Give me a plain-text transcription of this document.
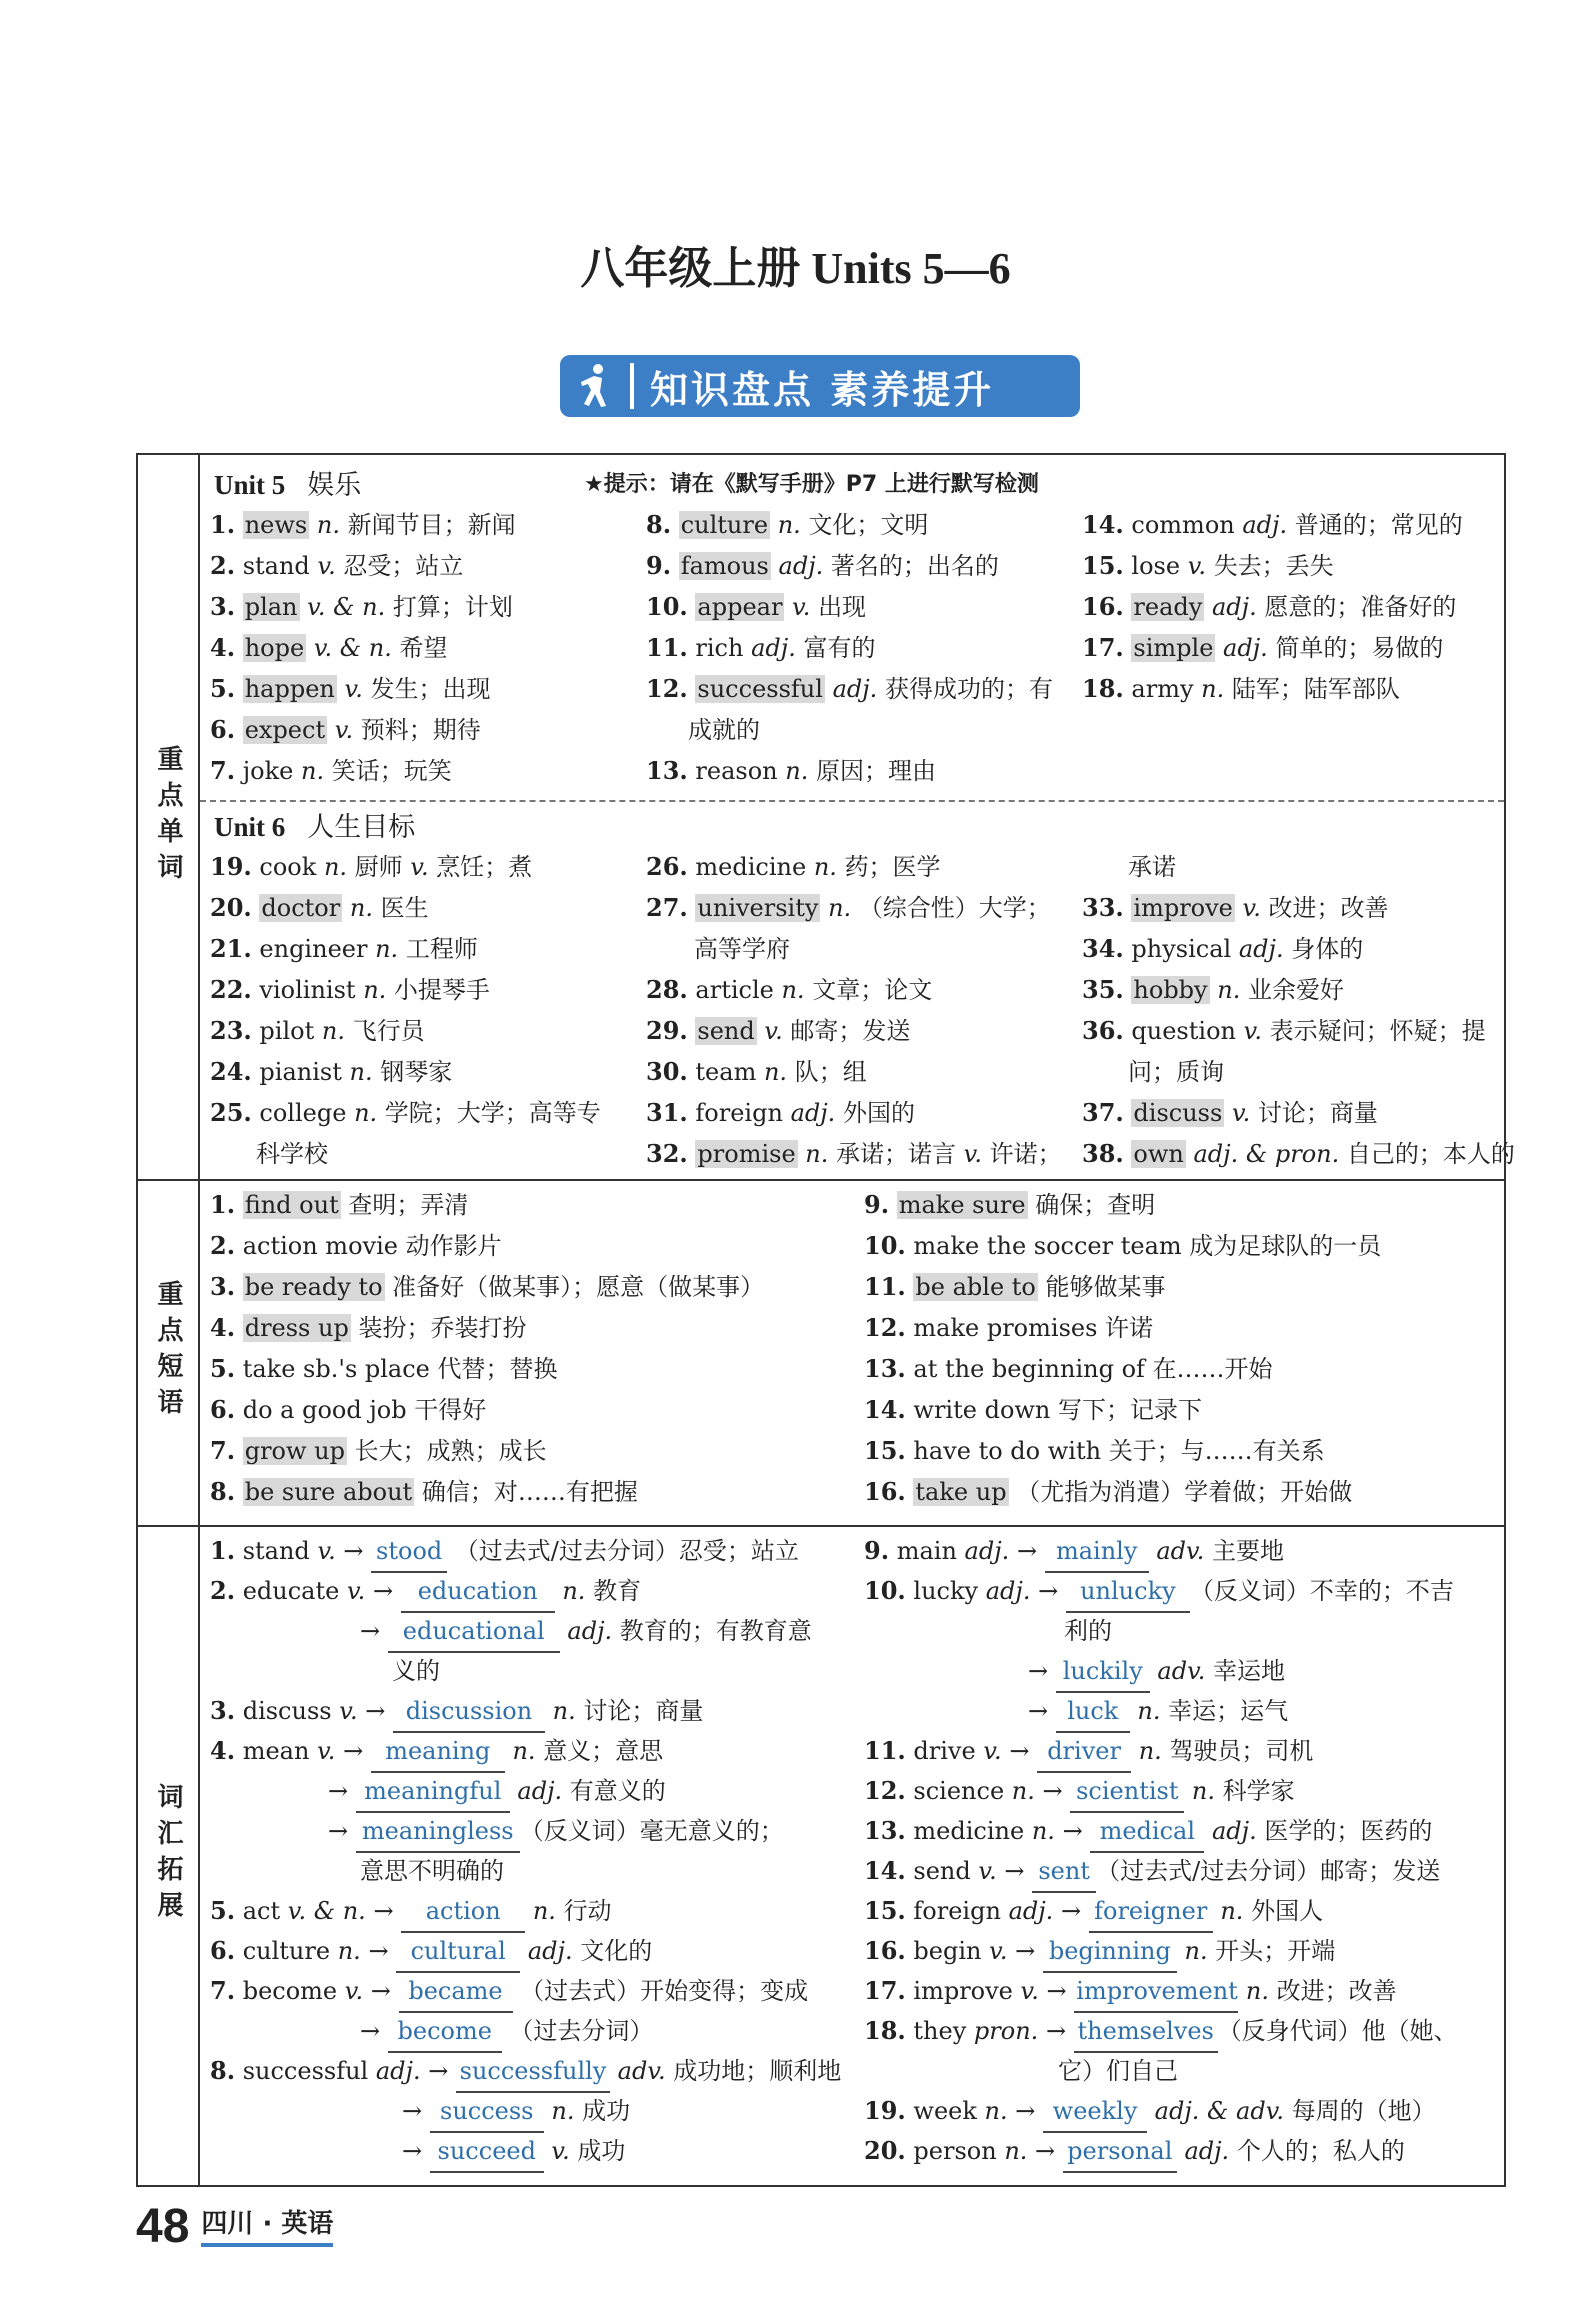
八年级上册 Units 5—6
知识盘点 素养提升
重点单词
重点短语
词汇拓展
Unit 5 娱乐	★提示：请在《默写手册》P7 上进行默写检测
1. news n. 新闻节目；新闻
2. stand v. 忍受；站立
3. plan v. & n. 打算；计划
4. hope v. & n. 希望
5. happen v. 发生；出现
6. expect v. 预料；期待
7. joke n. 笑话；玩笑
8. culture n. 文化；文明
9. famous adj. 著名的；出名的
10. appear v. 出现
11. rich adj. 富有的
12. successful adj. 获得成功的；有
成就的
13. reason n. 原因；理由
14. common adj. 普通的；常见的
15. lose v. 失去；丢失
16. ready adj. 愿意的；准备好的
17. simple adj. 简单的；易做的
18. army n. 陆军；陆军部队
Unit 6 人生目标
19. cook n. 厨师 v. 烹饪；煮
20. doctor n. 医生
21. engineer n. 工程师
22. violinist n. 小提琴手
23. pilot n. 飞行员
24. pianist n. 钢琴家
25. college n. 学院；大学；高等专
科学校
26. medicine n. 药；医学
27. university n. （综合性）大学；
高等学府
28. article n. 文章；论文
29. send v. 邮寄；发送
30. team n. 队；组
31. foreign adj. 外国的
32. promise n. 承诺；诺言 v. 许诺；
承诺
33. improve v. 改进；改善
34. physical adj. 身体的
35. hobby n. 业余爱好
36. question v. 表示疑问；怀疑；提
问；质询
37. discuss v. 讨论；商量
38. own adj. & pron. 自己的；本人的
1. find out 查明；弄清
2. action movie 动作影片
3. be ready to 准备好（做某事）；愿意（做某事）
4. dress up 装扮；乔装打扮
5. take sb.'s place 代替；替换
6. do a good job 干得好
7. grow up 长大；成熟；成长
8. be sure about 确信；对……有把握
9. make sure 确保；查明
10. make the soccer team 成为足球队的一员
11. be able to 能够做某事
12. make promises 许诺
13. at the beginning of 在……开始
14. write down 写下；记录下
15. have to do with 关于；与……有关系
16. take up （尤指为消遣）学着做；开始做
1. stand v. → stood （过去式/过去分词）忍受；站立
2. educate v. → education n. 教育
→ educational adj. 教育的；有教育意
义的
3. discuss v. → discussion n. 讨论；商量
4. mean v. → meaning n. 意义；意思
→ meaningful adj. 有意义的
→ meaningless （反义词）毫无意义的；
意思不明确的
5. act v. & n. → action n. 行动
6. culture n. → cultural adj. 文化的
7. become v. → became （过去式）开始变得；变成
→ become （过去分词）
8. successful adj. → successfully adv. 成功地；顺利地
→ success n. 成功
→ succeed v. 成功
9. main adj. → mainly adv. 主要地
10. lucky adj. → unlucky （反义词）不幸的；不吉
利的
→ luckily adv. 幸运地
→ luck n. 幸运；运气
11. drive v. → driver n. 驾驶员；司机
12. science n. → scientist n. 科学家
13. medicine n. → medical adj. 医学的；医药的
14. send v. → sent （过去式/过去分词）邮寄；发送
15. foreign adj. → foreigner n. 外国人
16. begin v. → beginning n. 开头；开端
17. improve v. → improvement n. 改进；改善
18. they pron. → themselves （反身代词）他（她、
它）们自己
19. week n. → weekly adj. & adv. 每周的（地）
20. person n. → personal adj. 个人的；私人的
48 四川 · 英语
